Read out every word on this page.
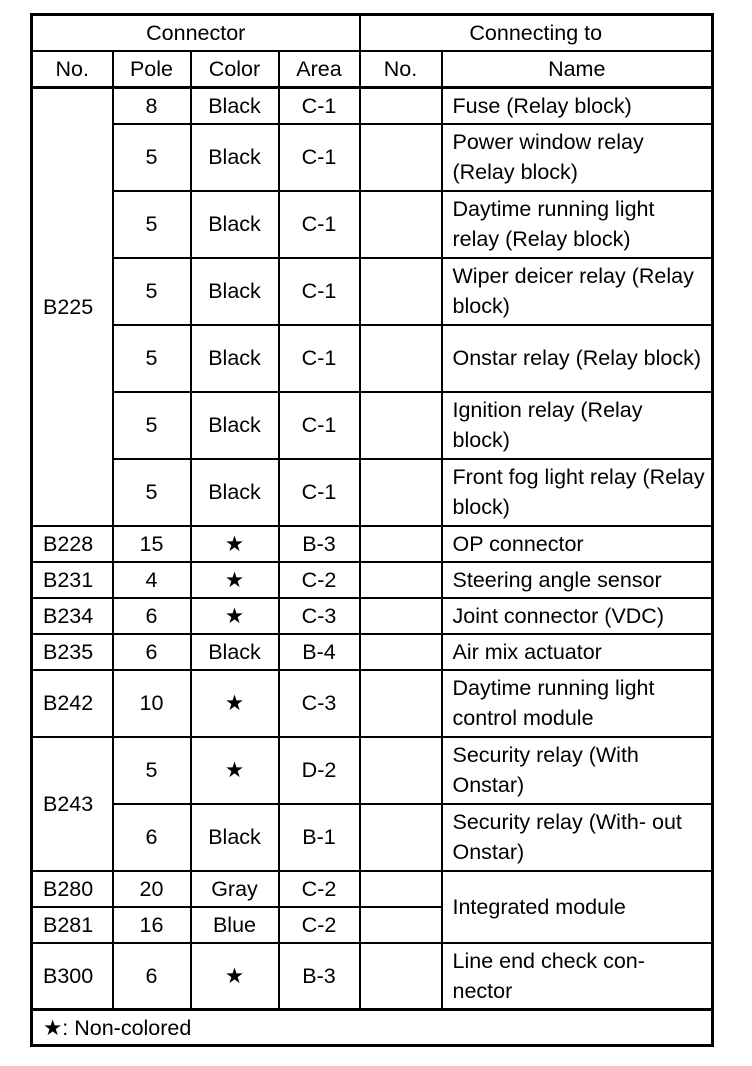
Connector				Connecting to	
No.	Pole	Color	Area	No.	Name
B225	8	Black	C-1		Fuse (Relay block)
	5	Black	C-1		Power window relay (Relay block)
	5	Black	C-1		Daytime running light relay (Relay block)
	5	Black	C-1		Wiper deicer relay (Relay block)
	5	Black	C-1		Onstar relay (Relay block)
	5	Black	C-1		Ignition relay (Relay block)
	5	Black	C-1		Front fog light relay (Relay block)
B228	15	★	B-3		OP connector
B231	4	★	C-2		Steering angle sensor
B234	6	★	C-3		Joint connector (VDC)
B235	6	Black	B-4		Air mix actuator
B242	10	★	C-3		Daytime running light control module
B243	5	★	D-2		Security relay (With Onstar)
	6	Black	B-1		Security relay (With- out Onstar)
B280	20	Gray	C-2		Integrated module
B281	16	Blue	C-2		
B300	6	★	B-3		Line end check con- nector
★: Non-colored					
